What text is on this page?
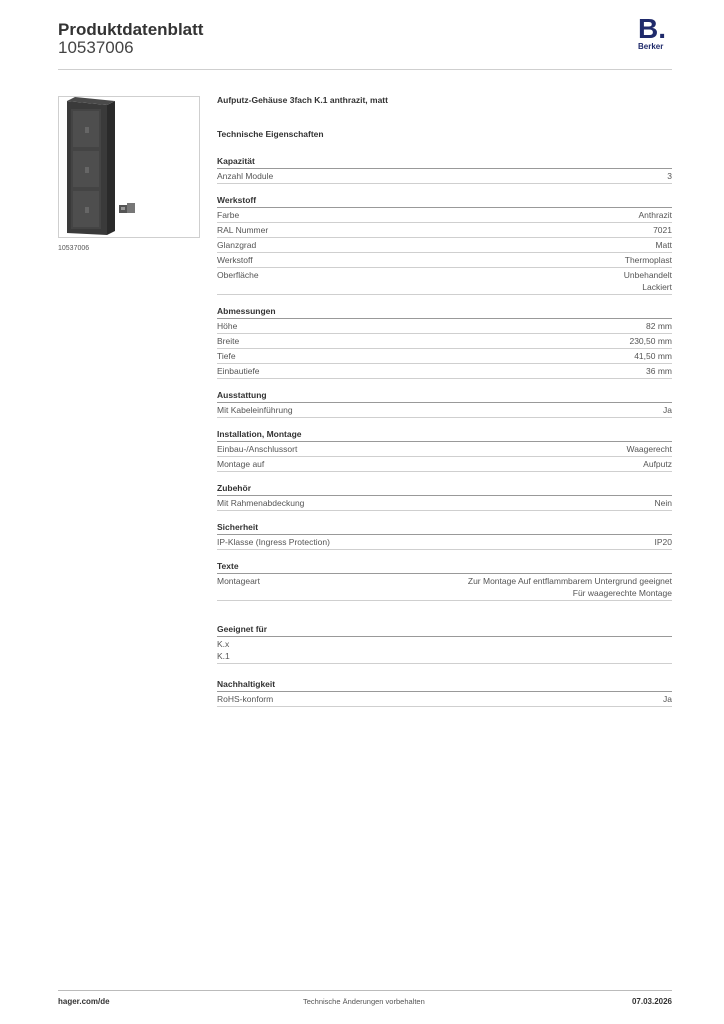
Produktdatenblatt
10537006
B.
Berker
10537006
Aufputz-Gehäuse 3fach K.1 anthrazit, matt
Technische Eigenschaften
Kapazität
Anzahl Module	3
Werkstoff
Farbe	Anthrazit
RAL Nummer	7021
Glanzgrad	Matt
Werkstoff	Thermoplast
Oberfläche	Unbehandelt
Lackiert
Abmessungen
Höhe	82 mm
Breite	230,50 mm
Tiefe	41,50 mm
Einbautiefe	36 mm
Ausstattung
Mit Kabeleinführung	Ja
Installation, Montage
Einbau-/Anschlussort	Waagerecht
Montage auf	Aufputz
Zubehör
Mit Rahmenabdeckung	Nein
Sicherheit
IP-Klasse (Ingress Protection)	IP20
Texte
Montageart	Zur Montage Auf entflammbarem Untergrund geeignet
Für waagerechte Montage
Geeignet für
K.x
K.1
Nachhaltigkeit
RoHS-konform	Ja
hager.com/de	Technische Änderungen vorbehalten	07.03.2026
